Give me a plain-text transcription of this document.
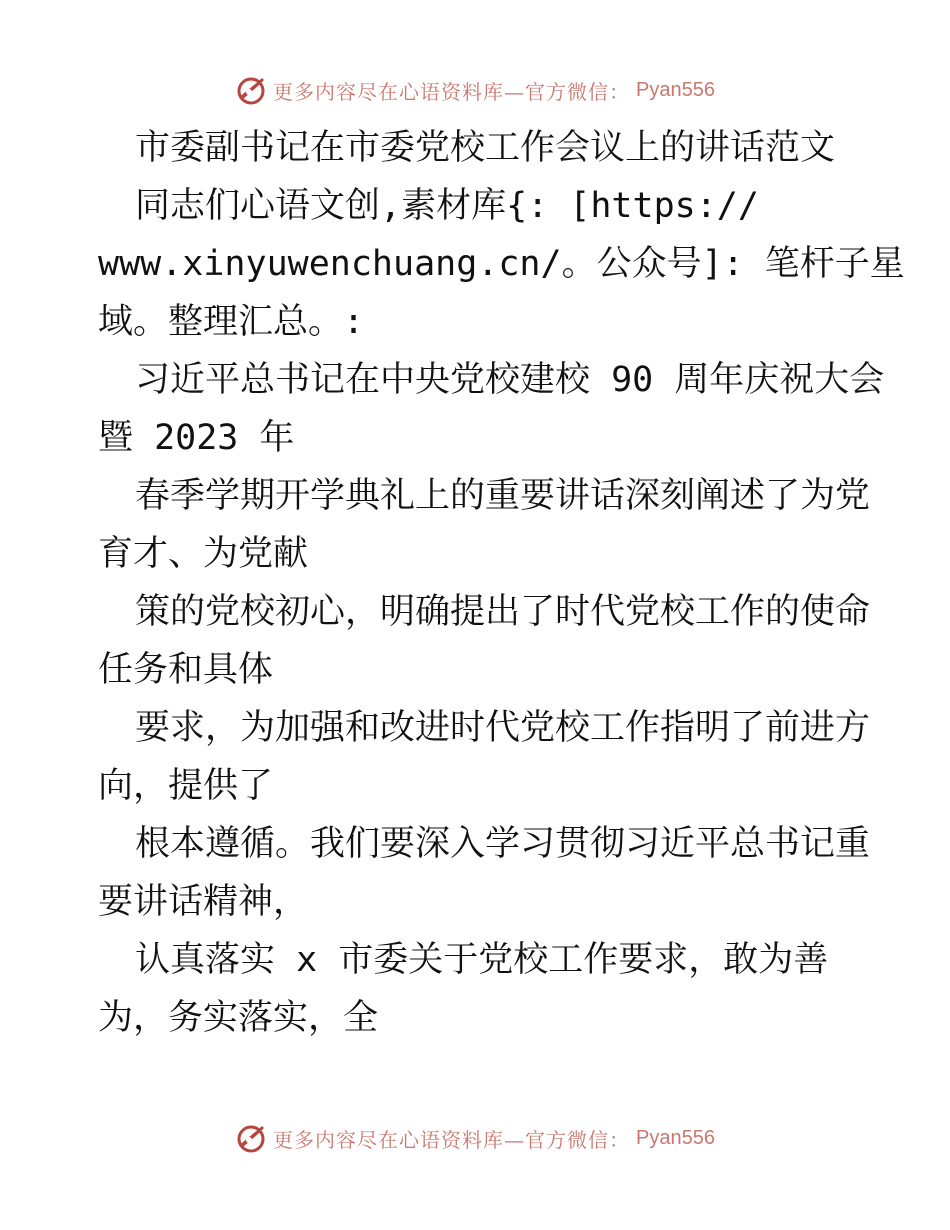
更多内容尽在心语资料库—官方微信： Pyan556
市委副书记在市委党校工作会议上的讲话范文
同志们心语文创,素材库{: [https://
www.xinyuwenchuang.cn/。公众号]: 笔杆子星
域。整理汇总。:
习近平总书记在中央党校建校 90 周年庆祝大会
暨 2023 年
春季学期开学典礼上的重要讲话深刻阐述了为党
育才、为党献
策的党校初心，明确提出了时代党校工作的使命
任务和具体
要求，为加强和改进时代党校工作指明了前进方
向，提供了
根本遵循。我们要深入学习贯彻习近平总书记重
要讲话精神，
认真落实 x 市委关于党校工作要求，敢为善
为，务实落实，全
更多内容尽在心语资料库—官方微信： Pyan556
